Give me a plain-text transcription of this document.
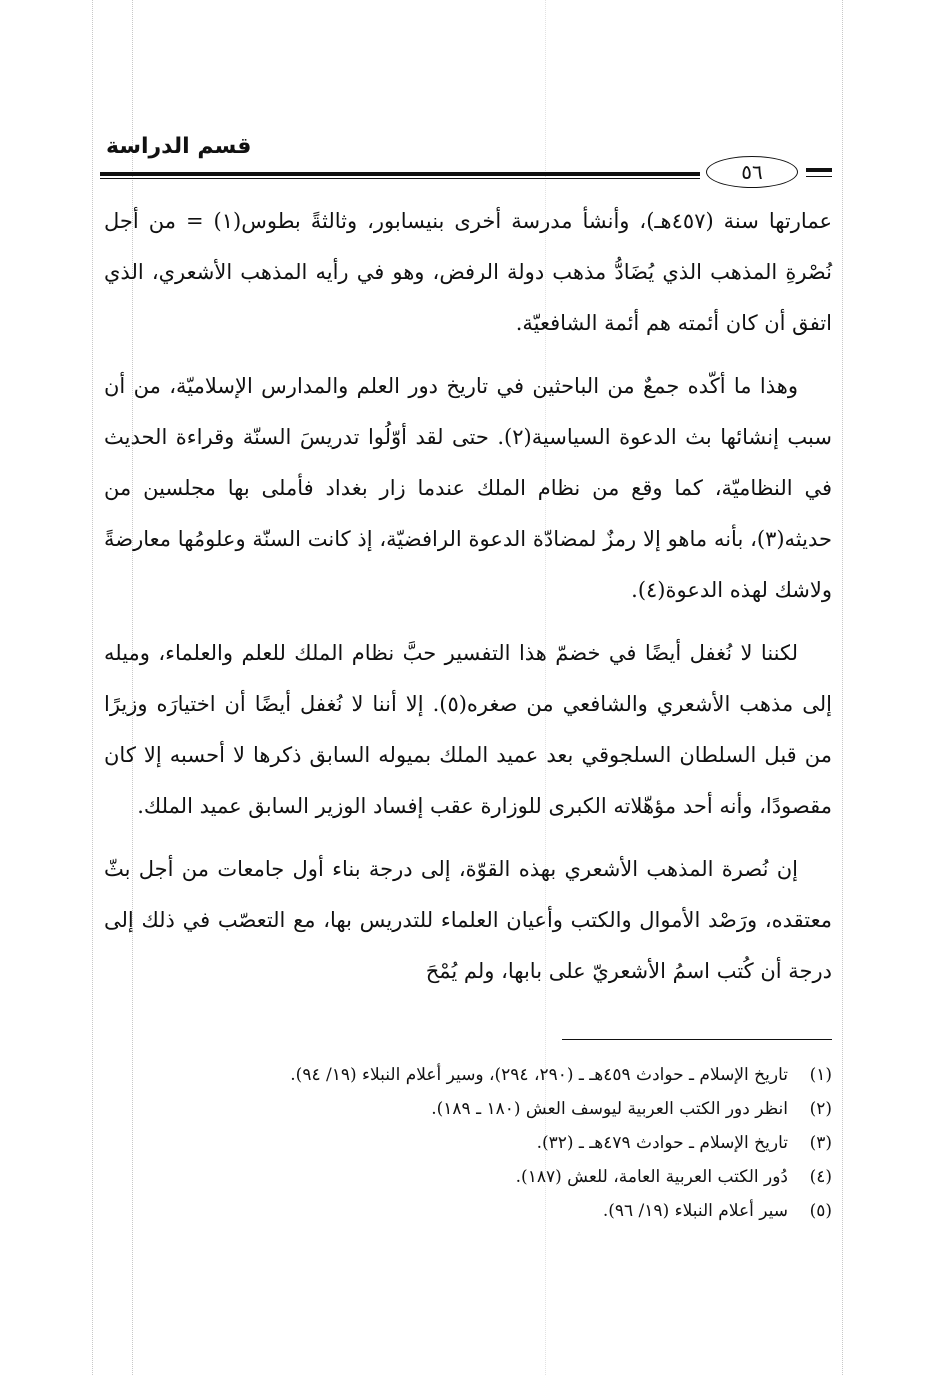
قسم الدراسة
٥٦

عمارتها سنة (٤٥٧هـ)، وأنشأ مدرسة أخرى بنيسابور، وثالثةً بطوس(١) = من أجل نُصْرةِ المذهب الذي يُضَادُّ مذهب دولة الرفض، وهو في رأيه المذهب الأشعري، الذي اتفق أن كان أئمته هم أئمة الشافعيّة.

وهذا ما أكّده جمعٌ من الباحثين في تاريخ دور العلم والمدارس الإسلاميّة، من أن سبب إنشائها بث الدعوة السياسية(٢). حتى لقد أوّلُوا تدريسَ السنّة وقراءة الحديث في النظاميّة، كما وقع من نظام الملك عندما زار بغداد فأملى بها مجلسين من حديثه(٣)، بأنه ماهو إلا رمزٌ لمضادّة الدعوة الرافضيّة، إذ كانت السنّة وعلومُها معارضةً ولاشك لهذه الدعوة(٤).

لكننا لا نُغفل أيضًا في خضمّ هذا التفسير حبَّ نظام الملك للعلم والعلماء، وميله إلى مذهب الأشعري والشافعي من صغره(٥). إلا أننا لا نُغفل أيضًا أن اختيارَه وزيرًا من قبل السلطان السلجوقي بعد عميد الملك بميوله السابق ذكرها لا أحسبه إلا كان مقصودًا، وأنه أحد مؤهّلاته الكبرى للوزارة عقب إفساد الوزير السابق عميد الملك.

إن نُصرة المذهب الأشعري بهذه القوّة، إلى درجة بناء أول جامعات من أجل بثّ معتقده، ورَصْد الأموال والكتب وأعيان العلماء للتدريس بها، مع التعصّب في ذلك إلى درجة أن كُتب اسمُ الأشعريّ على بابها، ولم يُمْحَ

(١)تاريخ الإسلام ـ حوادث ٤٥٩هـ ـ (٢٩٠، ٢٩٤)، وسير أعلام النبلاء (١٩/ ٩٤).
(٢)انظر دور الكتب العربية ليوسف العش (١٨٠ ـ ١٨٩).
(٣)تاريخ الإسلام ـ حوادث ٤٧٩هـ ـ (٣٢).
(٤)دُور الكتب العربية العامة، للعش (١٨٧).
(٥)سير أعلام النبلاء (١٩/ ٩٦).
